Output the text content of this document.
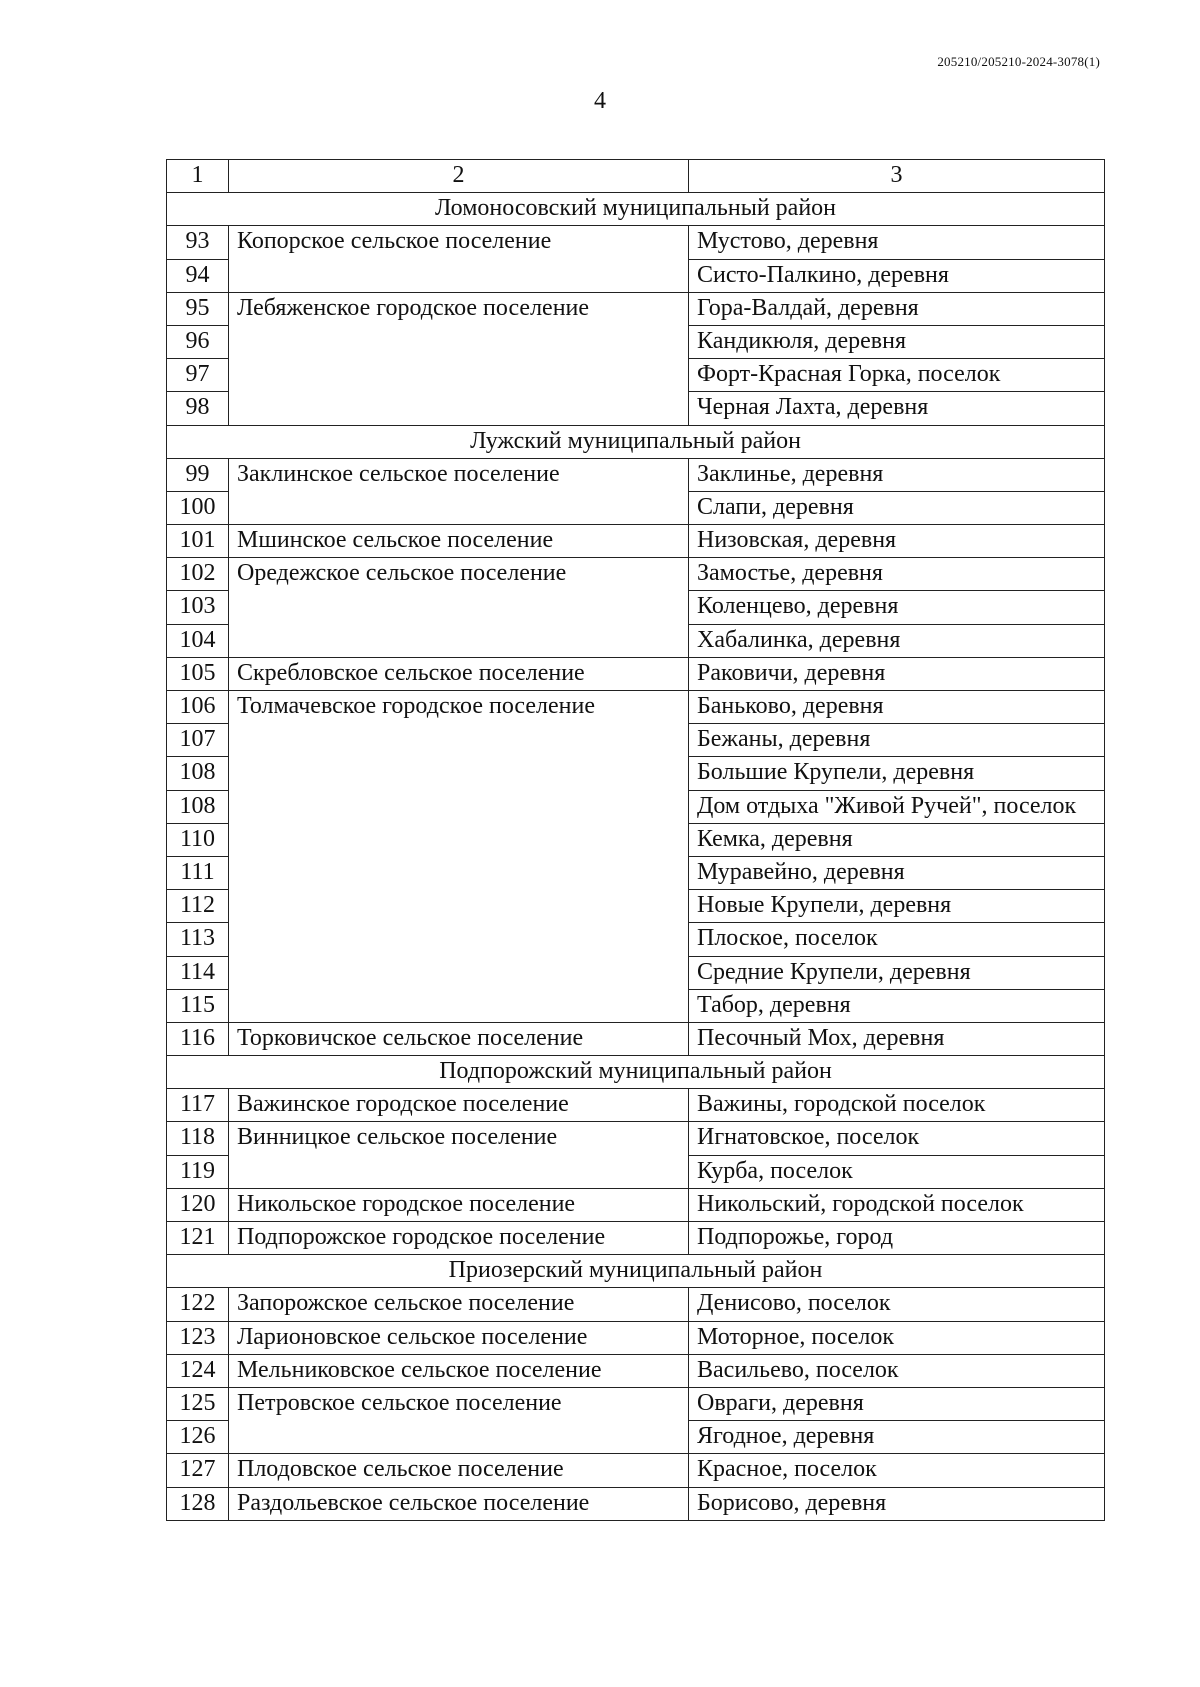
205210/205210-2024-3078(1)
4
1	2	3
Ломоносовский муниципальный район		
93	Копорское сельское поселение	Мустово, деревня
94		Систо-Палкино, деревня
95	Лебяженское городское поселение	Гора-Валдай, деревня
96		Кандикюля, деревня
97		Форт-Красная Горка, поселок
98		Черная Лахта, деревня
Лужский муниципальный район		
99	Заклинское сельское поселение	Заклинье, деревня
100		Слапи, деревня
101	Мшинское сельское поселение	Низовская, деревня
102	Оредежское сельское поселение	Замостье, деревня
103		Коленцево, деревня
104		Хабалинка, деревня
105	Скребловское сельское поселение	Раковичи, деревня
106	Толмачевское городское поселение	Баньково, деревня
107		Бежаны, деревня
108		Большие Крупели, деревня
108		Дом отдыха "Живой Ручей", поселок
110		Кемка, деревня
111		Муравейно, деревня
112		Новые Крупели, деревня
113		Плоское, поселок
114		Средние Крупели, деревня
115		Табор, деревня
116	Торковичское сельское поселение	Песочный Мох, деревня
Подпорожский муниципальный район		
117	Важинское городское поселение	Важины, городской поселок
118	Винницкое сельское поселение	Игнатовское, поселок
119		Курба, поселок
120	Никольское городское поселение	Никольский, городской поселок
121	Подпорожское городское поселение	Подпорожье, город
Приозерский муниципальный район		
122	Запорожское сельское поселение	Денисово, поселок
123	Ларионовское сельское поселение	Моторное, поселок
124	Мельниковское сельское поселение	Васильево, поселок
125	Петровское сельское поселение	Овраги, деревня
126		Ягодное, деревня
127	Плодовское сельское поселение	Красное, поселок
128	Раздольевское сельское поселение	Борисово, деревня
